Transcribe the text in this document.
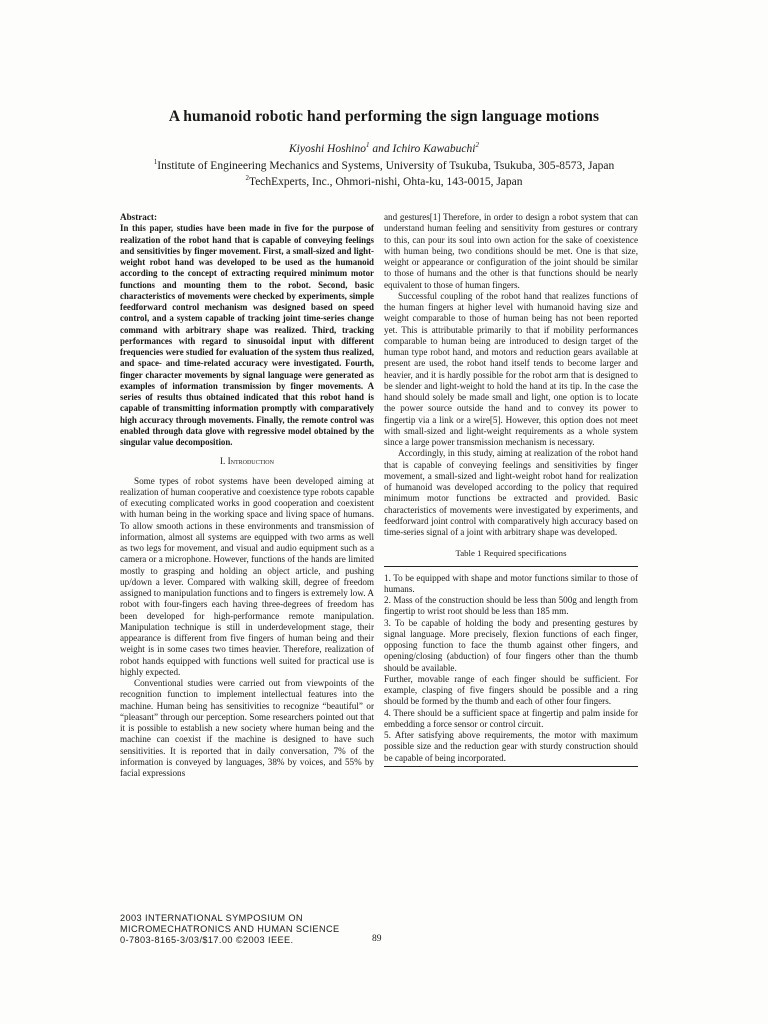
A humanoid robotic hand performing the sign language motions
Kiyoshi Hoshino$^1$ and Ichiro Kawabuchi$^2$
$^1$Institute of Engineering Mechanics and Systems, University of Tsukuba, Tsukuba, 305-8573, Japan
$^2$TechExperts, Inc., Ohmori-nishi, Ohta-ku, 143-0015, Japan

Abstract:

In this paper, studies have been made in five for the purpose of realization of the robot hand that is capable of conveying feelings and sensitivities by finger movement. First, a small-sized and light-weight robot hand was developed to be used as the humanoid according to the concept of extracting required minimum motor functions and mounting them to the robot. Second, basic characteristics of movements were checked by experiments, simple feedforward control mechanism was designed based on speed control, and a system capable of tracking joint time-series change command with arbitrary shape was realized. Third, tracking performances with regard to sinusoidal input with different frequencies were studied for evaluation of the system thus realized, and space- and time-related accuracy were investigated. Fourth, finger character movements by signal language were generated as examples of information transmission by finger movements. A series of results thus obtained indicated that this robot hand is capable of transmitting information promptly with comparatively high accuracy through movements. Finally, the remote control was enabled through data glove with regressive model obtained by the singular value decomposition.

I. Introduction

Some types of robot systems have been developed aiming at realization of human cooperative and coexistence type robots capable of executing complicated works in good cooperation and coexistent with human being in the working space and living space of humans. To allow smooth actions in these environments and transmission of information, almost all systems are equipped with two arms as well as two legs for movement, and visual and audio equipment such as a camera or a microphone. However, functions of the hands are limited mostly to grasping and holding an object article, and pushing up/down a lever. Compared with walking skill, degree of freedom assigned to manipulation functions and to fingers is extremely low. A robot with four-fingers each having three-degrees of freedom has been developed for high-performance remote manipulation. Manipulation technique is still in underdevelopment stage, their appearance is different from five fingers of human being and their weight is in some cases two times heavier. Therefore, realization of robot hands equipped with functions well suited for practical use is highly expected.

Conventional studies were carried out from viewpoints of the recognition function to implement intellectual features into the machine. Human being has sensitivities to recognize “beautiful” or “pleasant” through our perception. Some researchers pointed out that it is possible to establish a new society where human being and the machine can coexist if the machine is designed to have such sensitivities. It is reported that in daily conversation, 7% of the information is conveyed by languages, 38% by voices, and 55% by facial expressions

and gestures[1] Therefore, in order to design a robot system that can understand human feeling and sensitivity from gestures or contrary to this, can pour its soul into own action for the sake of coexistence with human being, two conditions should be met. One is that size, weight or appearance or configuration of the joint should be similar to those of humans and the other is that functions should be nearly equivalent to those of human fingers.

Successful coupling of the robot hand that realizes functions of the human fingers at higher level with humanoid having size and weight comparable to those of human being has not been reported yet. This is attributable primarily to that if mobility performances comparable to human being are introduced to design target of the human type robot hand, and motors and reduction gears available at present are used, the robot hand itself tends to become larger and heavier, and it is hardly possible for the robot arm that is designed to be slender and light-weight to hold the hand at its tip. In the case the hand should solely be made small and light, one option is to locate the power source outside the hand and to convey its power to fingertip via a link or a wire[5]. However, this option does not meet with small-sized and light-weight requirements as a whole system since a large power transmission mechanism is necessary.

Accordingly, in this study, aiming at realization of the robot hand that is capable of conveying feelings and sensitivities by finger movement, a small-sized and light-weight robot hand for realization of humanoid was developed according to the policy that required minimum motor functions be extracted and provided. Basic characteristics of movements were investigated by experiments, and feedforward joint control with comparatively high accuracy based on time-series signal of a joint with arbitrary shape was developed.

Table 1 Required specifications

1. To be equipped with shape and motor functions similar to those of humans.

2. Mass of the construction should be less than 500g and length from fingertip to wrist root should be less than 185 mm.

3. To be capable of holding the body and presenting gestures by signal language. More precisely, flexion functions of each finger, opposing function to face the thumb against other fingers, and opening/closing (abduction) of four fingers other than the thumb should be available.

Further, movable range of each finger should be sufficient. For example, clasping of five fingers should be possible and a ring should be formed by the thumb and each of other four fingers.

4. There should be a sufficient space at fingertip and palm inside for embedding a force sensor or control circuit.

5. After satisfying above requirements, the motor with maximum possible size and the reduction gear with sturdy construction should be capable of being incorporated.

2003 INTERNATIONAL SYMPOSIUM ON
MICROMECHATRONICS AND HUMAN SCIENCE
0-7803-8165-3/03/$17.00 ©2003 IEEE.	89
